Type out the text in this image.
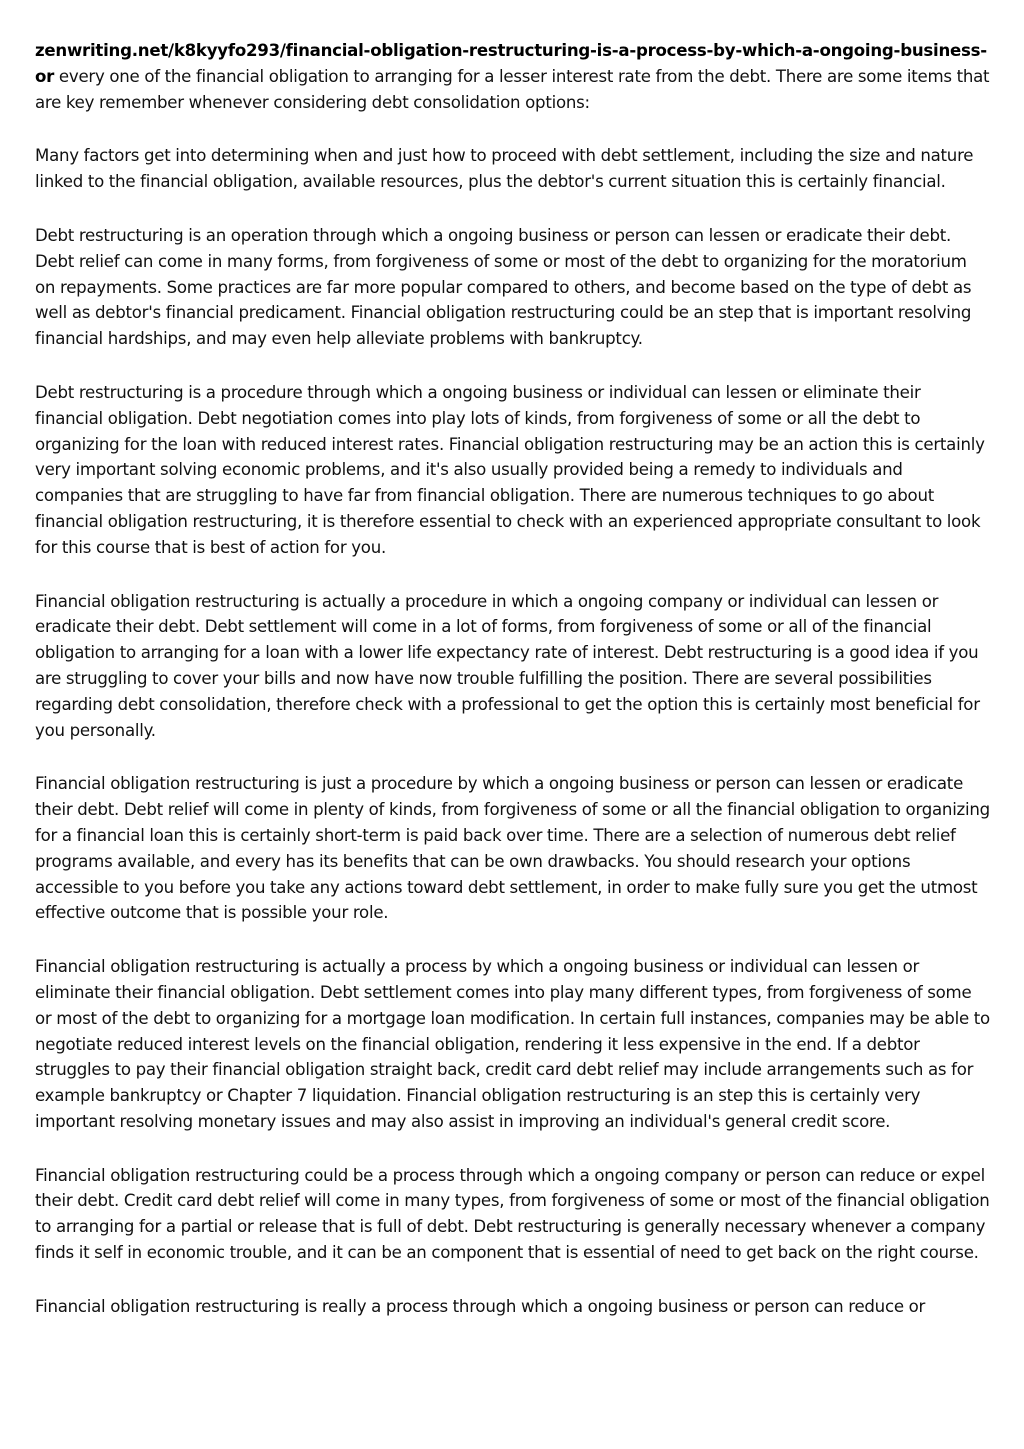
zenwriting.net/k8kyyfo293/financial-obligation-restructuring-is-a-process-by-which-a-ongoing-business-or every one of the financial obligation to arranging for a lesser interest rate from the debt. There are some items that are key remember whenever considering debt consolidation options:

Many factors get into determining when and just how to proceed with debt settlement, including the size and nature linked to the financial obligation, available resources, plus the debtor's current situation this is certainly financial.

Debt restructuring is an operation through which a ongoing business or person can lessen or eradicate their debt. Debt relief can come in many forms, from forgiveness of some or most of the debt to organizing for the moratorium on repayments. Some practices are far more popular compared to others, and become based on the type of debt as well as debtor's financial predicament. Financial obligation restructuring could be an step that is important resolving financial hardships, and may even help alleviate problems with bankruptcy.

Debt restructuring is a procedure through which a ongoing business or individual can lessen or eliminate their financial obligation. Debt negotiation comes into play lots of kinds, from forgiveness of some or all the debt to organizing for the loan with reduced interest rates. Financial obligation restructuring may be an action this is certainly very important solving economic problems, and it's also usually provided being a remedy to individuals and companies that are struggling to have far from financial obligation. There are numerous techniques to go about financial obligation restructuring, it is therefore essential to check with an experienced appropriate consultant to look for this course that is best of action for you.

Financial obligation restructuring is actually a procedure in which a ongoing company or individual can lessen or eradicate their debt. Debt settlement will come in a lot of forms, from forgiveness of some or all of the financial obligation to arranging for a loan with a lower life expectancy rate of interest. Debt restructuring is a good idea if you are struggling to cover your bills and now have now trouble fulfilling the position. There are several possibilities regarding debt consolidation, therefore check with a professional to get the option this is certainly most beneficial for you personally.

Financial obligation restructuring is just a procedure by which a ongoing business or person can lessen or eradicate their debt. Debt relief will come in plenty of kinds, from forgiveness of some or all the financial obligation to organizing for a financial loan this is certainly short-term is paid back over time. There are a selection of numerous debt relief programs available, and every has its benefits that can be own drawbacks. You should research your options accessible to you before you take any actions toward debt settlement, in order to make fully sure you get the utmost effective outcome that is possible your role.

Financial obligation restructuring is actually a process by which a ongoing business or individual can lessen or eliminate their financial obligation. Debt settlement comes into play many different types, from forgiveness of some or most of the debt to organizing for a mortgage loan modification. In certain full instances, companies may be able to negotiate reduced interest levels on the financial obligation, rendering it less expensive in the end. If a debtor struggles to pay their financial obligation straight back, credit card debt relief may include arrangements such as for example bankruptcy or Chapter 7 liquidation. Financial obligation restructuring is an step this is certainly very important resolving monetary issues and may also assist in improving an individual's general credit score.

Financial obligation restructuring could be a process through which a ongoing company or person can reduce or expel their debt. Credit card debt relief will come in many types, from forgiveness of some or most of the financial obligation to arranging for a partial or release that is full of debt. Debt restructuring is generally necessary whenever a company finds it self in economic trouble, and it can be an component that is essential of need to get back on the right course.

Financial obligation restructuring is really a process through which a ongoing business or person can reduce or
